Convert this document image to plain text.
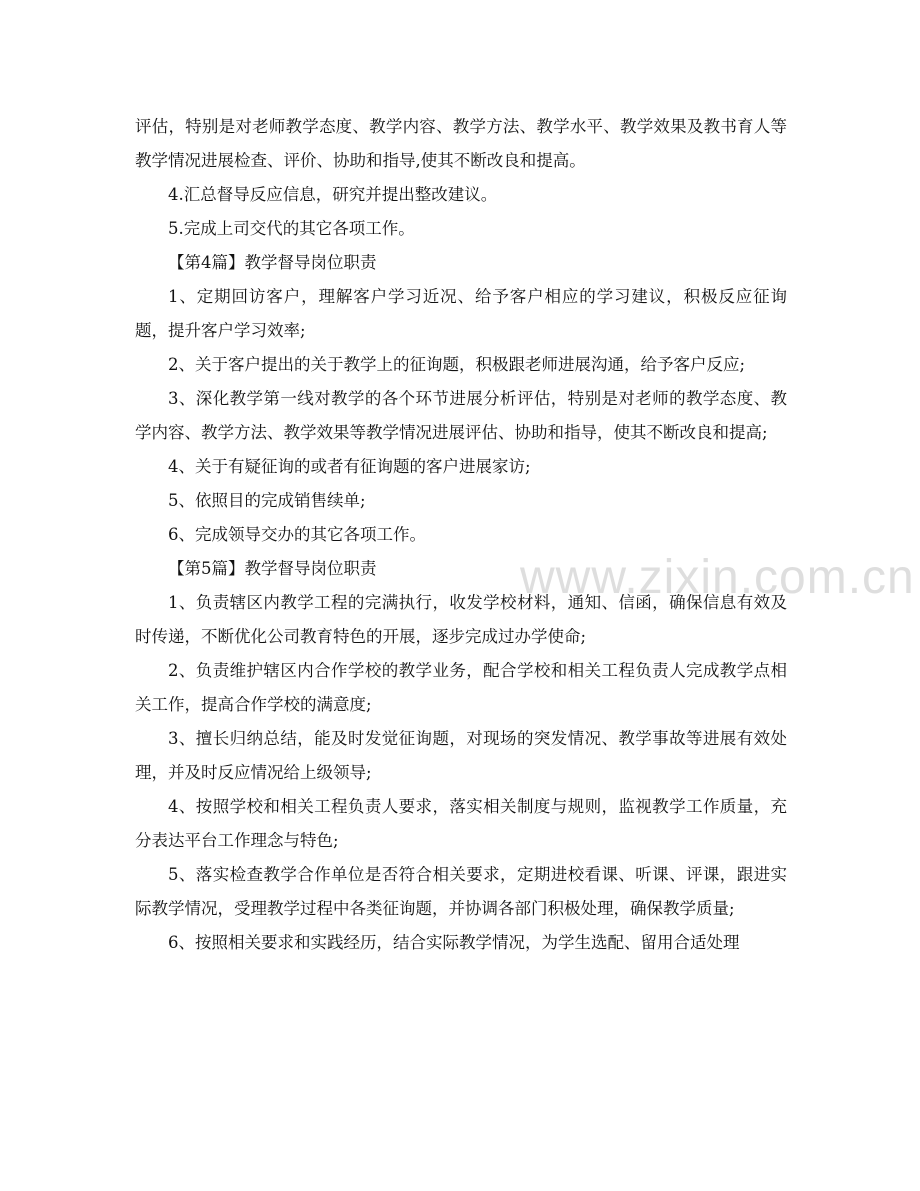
评估，特别是对老师教学态度、教学内容、教学方法、教学水平、教学效果及教书育人等教学情况进展检查、评价、协助和指导,使其不断改良和提高。

4.汇总督导反应信息，研究并提出整改建议。

5.完成上司交代的其它各项工作。

【第4篇】教学督导岗位职责

1、定期回访客户，理解客户学习近况、给予客户相应的学习建议，积极反应征询题，提升客户学习效率;

2、关于客户提出的关于教学上的征询题，积极跟老师进展沟通，给予客户反应;

3、深化教学第一线对教学的各个环节进展分析评估，特别是对老师的教学态度、教学内容、教学方法、教学效果等教学情况进展评估、协助和指导，使其不断改良和提高;

4、关于有疑征询的或者有征询题的客户进展家访;

5、依照目的完成销售续单;

6、完成领导交办的其它各项工作。

【第5篇】教学督导岗位职责

1、负责辖区内教学工程的完满执行，收发学校材料，通知、信函，确保信息有效及时传递，不断优化公司教育特色的开展，逐步完成过办学使命;

2、负责维护辖区内合作学校的教学业务，配合学校和相关工程负责人完成教学点相关工作，提高合作学校的满意度;

3、擅长归纳总结，能及时发觉征询题，对现场的突发情况、教学事故等进展有效处理，并及时反应情况给上级领导;

4、按照学校和相关工程负责人要求，落实相关制度与规则，监视教学工作质量，充分表达平台工作理念与特色;

5、落实检查教学合作单位是否符合相关要求，定期进校看课、听课、评课，跟进实际教学情况，受理教学过程中各类征询题，并协调各部门积极处理，确保教学质量;

6、按照相关要求和实践经历，结合实际教学情况，为学生选配、留用合适处理

www.zixin.com.cn
